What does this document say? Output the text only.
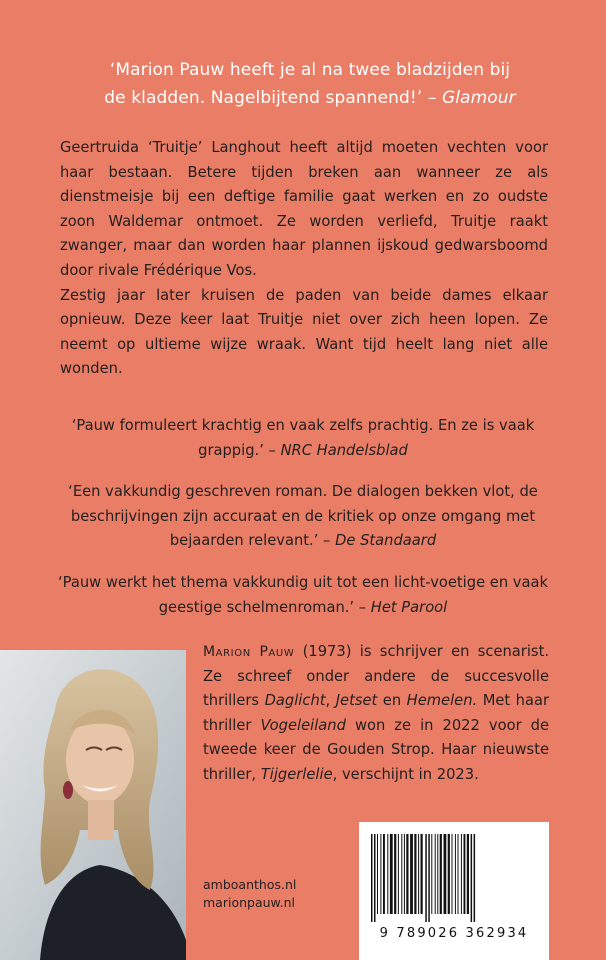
‘Marion Pauw heeft je al na twee bladzijden bij
de kladden. Nagelbijtend spannend!’ – Glamour

Geertruida ‘Truitje’ Langhout heeft altijd moeten vechten voor haar bestaan. Betere tijden breken aan wanneer ze als dienstmeisje bij een deftige familie gaat werken en zo oudste zoon Waldemar ontmoet. Ze worden verliefd, Truitje raakt zwanger, maar dan worden haar plannen ijskoud gedwarsboomd door rivale Frédérique Vos.

Zestig jaar later kruisen de paden van beide dames elkaar opnieuw. Deze keer laat Truitje niet over zich heen lopen. Ze neemt op ultieme wijze wraak. Want tijd heelt lang niet alle wonden.

‘Pauw formuleert krachtig en vaak zelfs prachtig. En ze is vaak grappig.’ – NRC Handelsblad
‘Een vakkundig geschreven roman. De dialogen bekken vlot, de beschrijvingen zijn accuraat en de kritiek op onze omgang met bejaarden relevant.’ – De Standaard
‘Pauw werkt het thema vakkundig uit tot een licht-voetige en vaak geestige schelmenroman.’ – Het Parool
Marion Pauw (1973) is schrijver en scenarist. Ze schreef onder andere de succesvolle thrillers Daglicht, Jetset en Hemelen. Met haar thriller Vogeleiland won ze in 2022 voor de tweede keer de Gouden Strop. Haar nieuwste thriller, Tijgerlelie, verschijnt in 2023.
amboanthos.nl
marionpauw.nl
9 789026 362934
